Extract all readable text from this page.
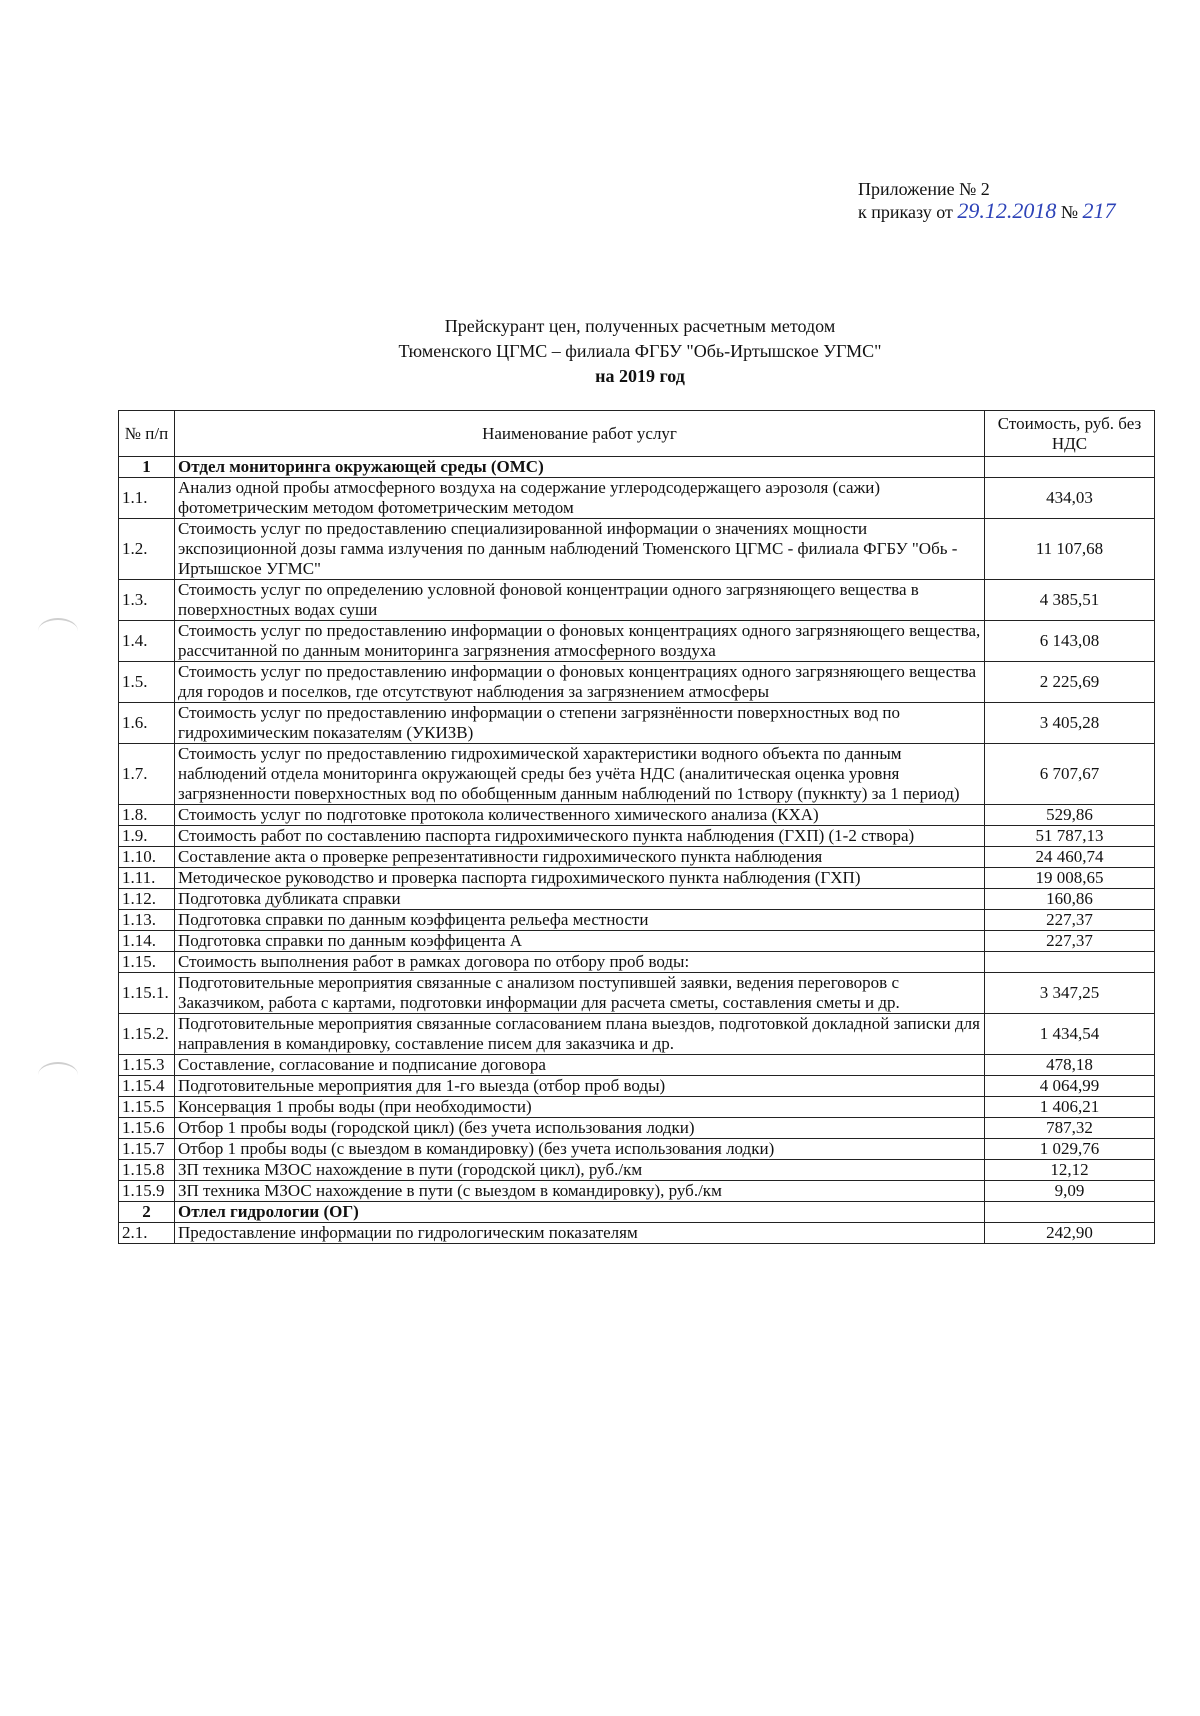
Приложение № 2
к приказу от 29.12.2018 № 217
Прейскурант цен, полученных расчетным методом
Тюменского ЦГМС – филиала ФГБУ "Обь-Иртышское УГМС"
на 2019 год
№ п/п	Наименование работ услуг	Стоимость, руб. без НДС
1	Отдел мониторинга окружающей среды (ОМС)	
1.1.	Анализ одной пробы атмосферного воздуха на содержание углеродсодержащего аэрозоля (сажи) фотометрическим методом фотометрическим методом	434,03
1.2.	Стоимость услуг по предоставлению специализированной информации о значениях мощности экспозиционной дозы гамма излучения по данным наблюдений Тюменского ЦГМС - филиала ФГБУ "Обь - Иртышское УГМС"	11 107,68
1.3.	Стоимость услуг по определению условной фоновой концентрации одного загрязняющего вещества в поверхностных водах суши	4 385,51
1.4.	Стоимость услуг по предоставлению информации о фоновых концентрациях одного загрязняющего вещества, рассчитанной по данным мониторинга загрязнения атмосферного воздуха	6 143,08
1.5.	Стоимость услуг по предоставлению информации о фоновых концентрациях одного загрязняющего вещества для городов и поселков, где отсутствуют наблюдения за загрязнением атмосферы	2 225,69
1.6.	Стоимость услуг по предоставлению информации о степени загрязнённости поверхностных вод по гидрохимическим показателям (УКИЗВ)	3 405,28
1.7.	Стоимость услуг по предоставлению гидрохимической характеристики водного объекта по данным наблюдений отдела мониторинга окружающей среды без учёта НДС (аналитическая оценка уровня загрязненности поверхностных вод по обобщенным данным наблюдений по 1створу (пукнкту) за 1 период)	6 707,67
1.8.	Стоимость услуг по подготовке протокола количественного химического анализа (КХА)	529,86
1.9.	Стоимость работ по составлению паспорта гидрохимического пункта наблюдения (ГХП) (1-2 створа)	51 787,13
1.10.	Составление акта о проверке репрезентативности гидрохимического пункта наблюдения	24 460,74
1.11.	Методическое руководство и проверка паспорта гидрохимического пункта наблюдения (ГХП)	19 008,65
1.12.	Подготовка дубликата справки	160,86
1.13.	Подготовка справки по данным коэффицента рельефа местности	227,37
1.14.	Подготовка справки по данным коэффицента А	227,37
1.15.	Стоимость выполнения работ в рамках договора по отбору проб воды:	
1.15.1.	Подготовительные мероприятия связанные с анализом поступившей заявки, ведения переговоров с Заказчиком, работа с картами, подготовки информации для расчета сметы, составления сметы и др.	3 347,25
1.15.2.	Подготовительные мероприятия связанные согласованием плана выездов, подготовкой докладной записки для направления в командировку, составление писем для заказчика и др.	1 434,54
1.15.3	Составление, согласование и подписание договора	478,18
1.15.4	Подготовительные мероприятия для 1-го выезда (отбор проб воды)	4 064,99
1.15.5	Консервация 1 пробы воды (при необходимости)	1 406,21
1.15.6	Отбор 1 пробы воды (городской цикл) (без учета использования лодки)	787,32
1.15.7	Отбор 1 пробы воды (с выездом в командировку) (без учета использования лодки)	1 029,76
1.15.8	ЗП техника МЗОС нахождение в пути (городской цикл), руб./км	12,12
1.15.9	ЗП техника МЗОС нахождение в пути (с выездом в командировку), руб./км	9,09
2	Отлел гидрологии (ОГ)	
2.1.	Предоставление информации по гидрологическим показателям	242,90
